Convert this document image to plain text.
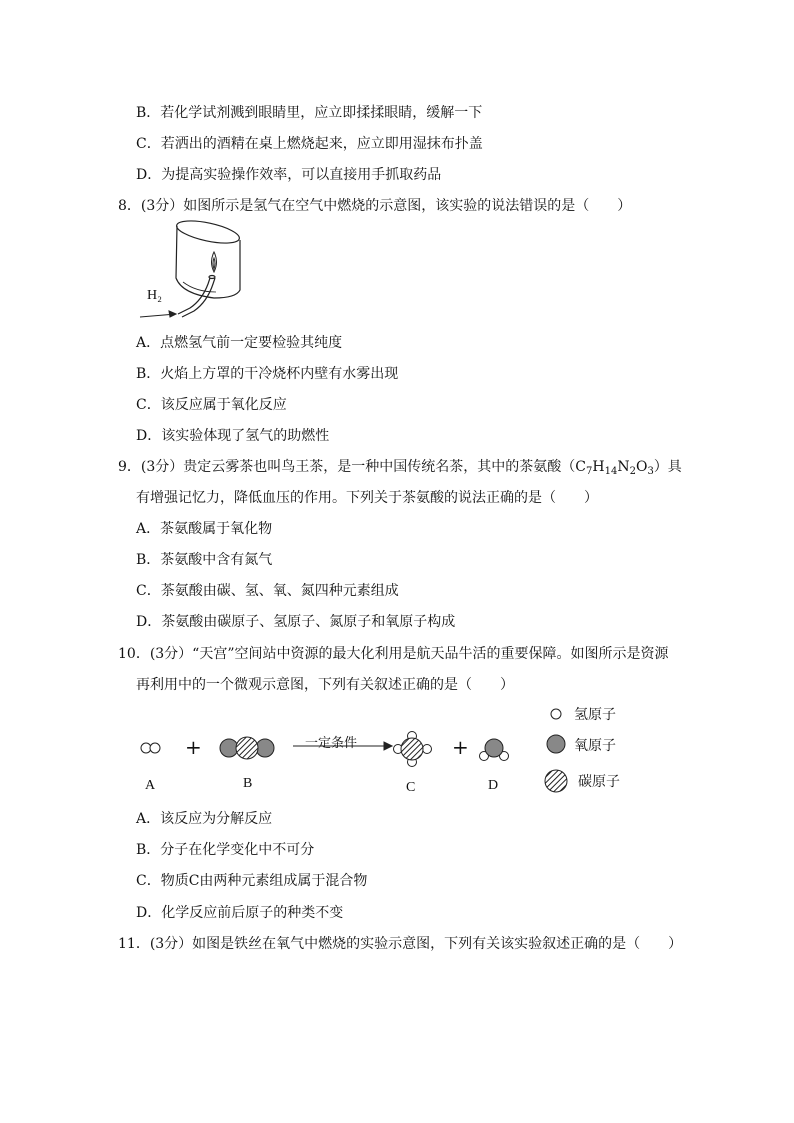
B．若化学试剂溅到眼睛里，应立即揉揉眼睛，缓解一下
C．若洒出的酒精在桌上燃烧起来，应立即用湿抹布扑盖
D．为提高实验操作效率，可以直接用手抓取药品
8．(3分）如图所示是氢气在空气中燃烧的示意图，该实验的说法错误的是（　　）
H₂
A．点燃氢气前一定要检验其纯度
B．火焰上方罩的干冷烧杯内壁有水雾出现
C．该反应属于氧化反应
D．该实验体现了氢气的助燃性
9．(3分）贵定云雾茶也叫鸟王茶，是一种中国传统名茶，其中的茶氨酸$(C_7H_{14}N_2O_3)$具
有增强记忆力，降低血压的作用。下列关于茶氨酸的说法正确的是（　　）
A．茶氨酸属于氧化物
B．茶氨酸中含有氮气
C．茶氨酸由碳、氢、氧、氮四种元素组成
D．茶氨酸由碳原子、氢原子、氮原子和氧原子构成
10．(3分）“天宫”空间站中资源的最大化利用是航天品牛活的重要保障。如图所示是资源
再利用中的一个微观示意图，下列有关叙述正确的是（　　）
一定条件
+	+
A	B	C	D
氢原子
氧原子
碳原子
A．该反应为分解反应
B．分子在化学变化中不可分
C．物质C由两种元素组成属于混合物
D．化学反应前后原子的种类不变
11．(3分）如图是铁丝在氧气中燃烧的实验示意图，下列有关该实验叙述正确的是（　　）
